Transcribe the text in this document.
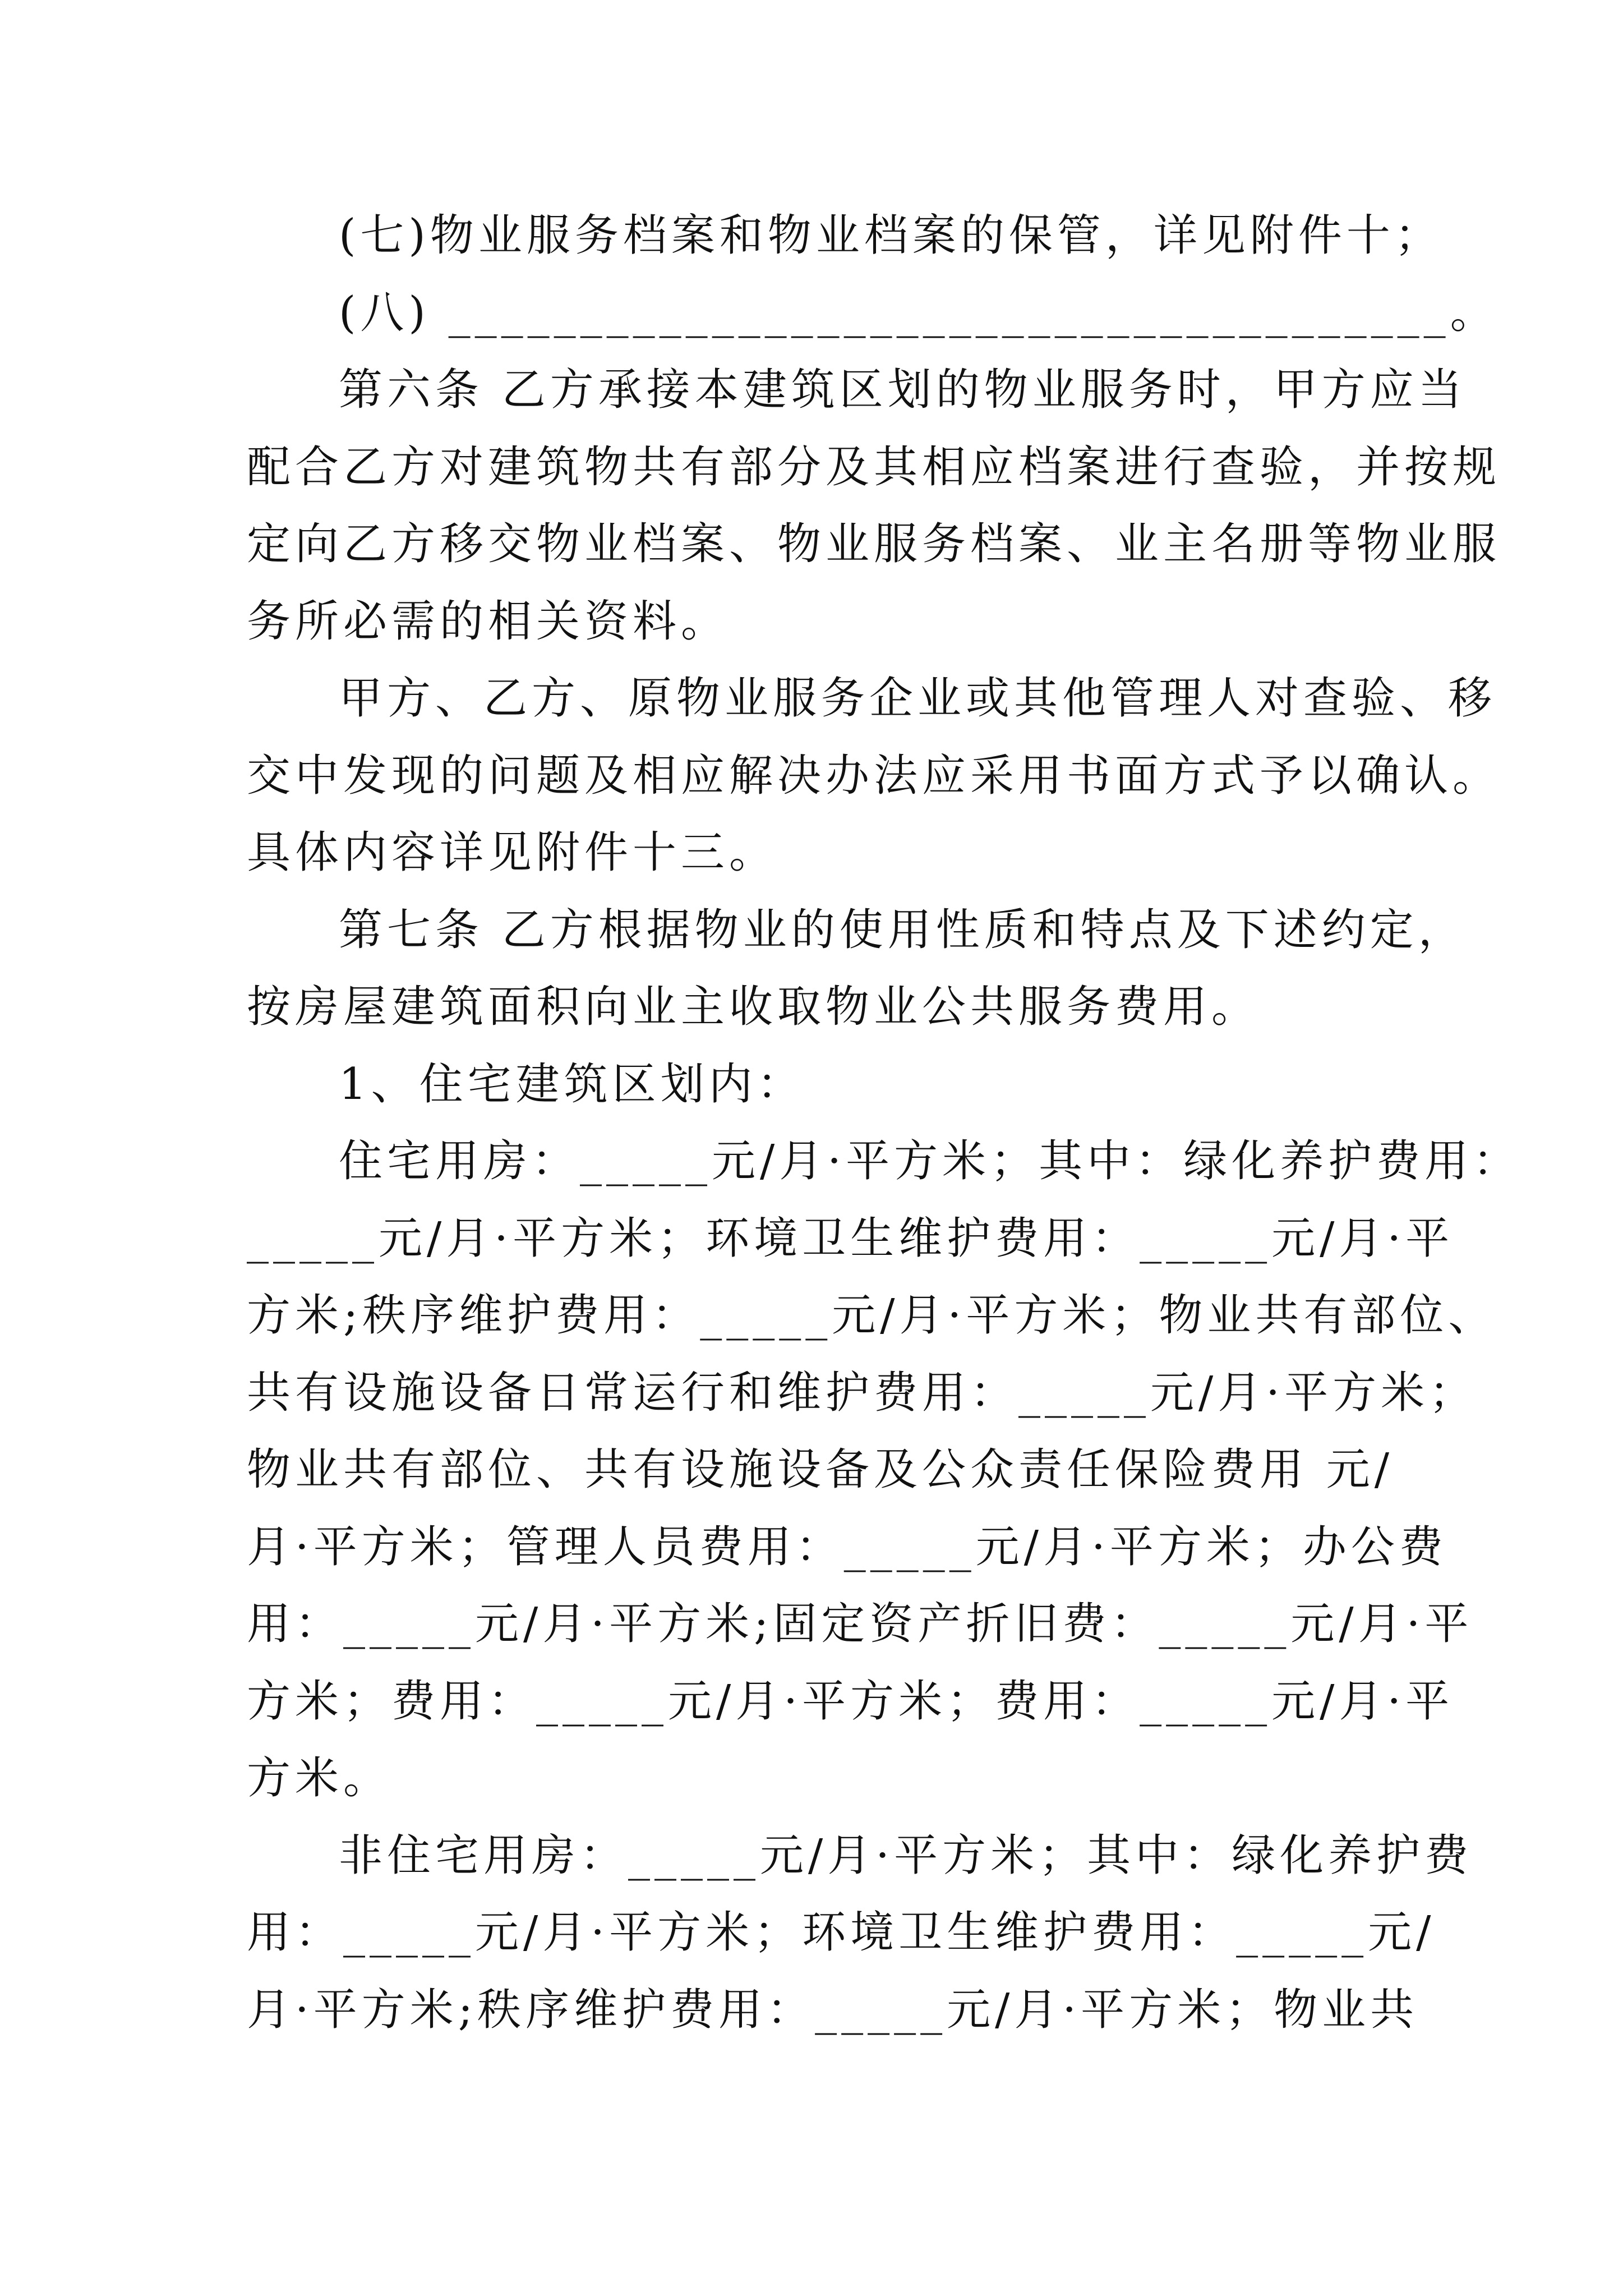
(七)物业服务档案和物业档案的保管，详见附件十；
(八) ______________________________________。
第六条 乙方承接本建筑区划的物业服务时，甲方应当
配合乙方对建筑物共有部分及其相应档案进行查验，并按规
定向乙方移交物业档案、物业服务档案、业主名册等物业服
务所必需的相关资料。
甲方、乙方、原物业服务企业或其他管理人对查验、移
交中发现的问题及相应解决办法应采用书面方式予以确认。
具体内容详见附件十三。
第七条 乙方根据物业的使用性质和特点及下述约定，
按房屋建筑面积向业主收取物业公共服务费用。
1、住宅建筑区划内：
住宅用房：_____元/月·平方米；其中：绿化养护费用：
_____元/月·平方米；环境卫生维护费用：_____元/月·平
方米;秩序维护费用：_____元/月·平方米；物业共有部位、
共有设施设备日常运行和维护费用：_____元/月·平方米；
物业共有部位、共有设施设备及公众责任保险费用 元/
月·平方米；管理人员费用：_____元/月·平方米；办公费
用：_____元/月·平方米;固定资产折旧费：_____元/月·平
方米；费用：_____元/月·平方米；费用：_____元/月·平
方米。
非住宅用房：_____元/月·平方米；其中：绿化养护费
用：_____元/月·平方米；环境卫生维护费用：_____元/
月·平方米;秩序维护费用：_____元/月·平方米；物业共
